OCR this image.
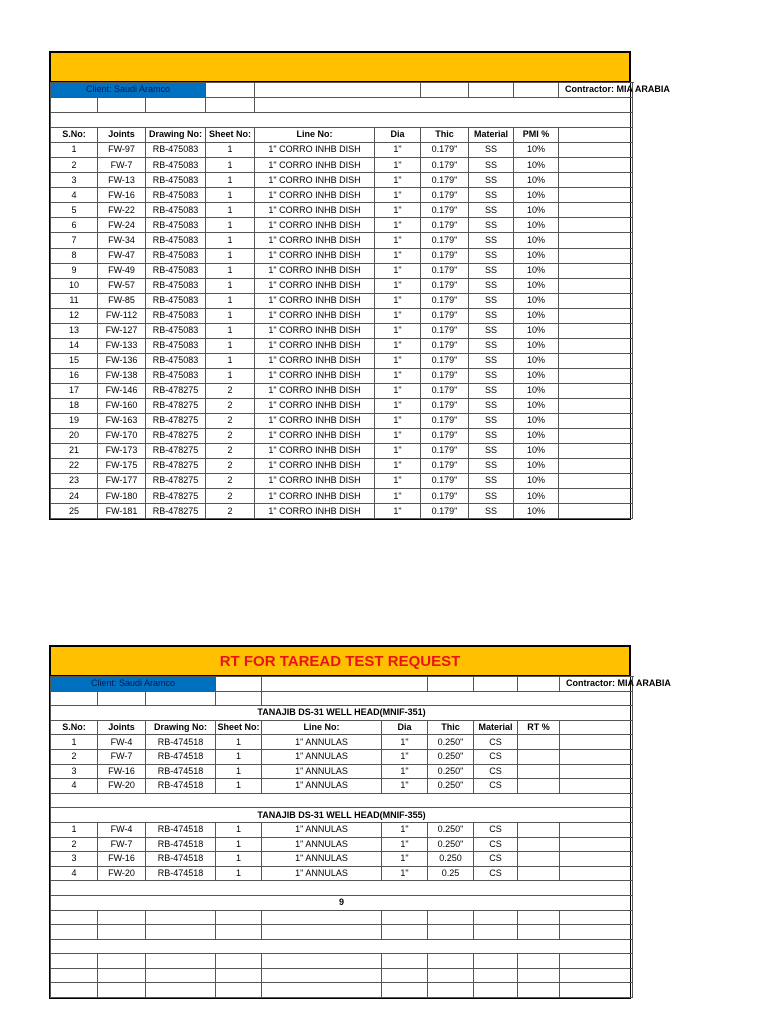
Client: Saudi Aramco									Contractor: MIA ARABIA

S.No:	Joints	Drawing No:	Sheet No:	Line No:	Dia	Thic	Material	PMI %	
1	FW-97	RB-475083	1	1" CORRO INHB DISH	1"	0.179"	SS	10%	
2	FW-7	RB-475083	1	1" CORRO INHB DISH	1"	0.179"	SS	10%	
3	FW-13	RB-475083	1	1" CORRO INHB DISH	1"	0.179"	SS	10%	
4	FW-16	RB-475083	1	1" CORRO INHB DISH	1"	0.179"	SS	10%	
5	FW-22	RB-475083	1	1" CORRO INHB DISH	1"	0.179"	SS	10%	
6	FW-24	RB-475083	1	1" CORRO INHB DISH	1"	0.179"	SS	10%	
7	FW-34	RB-475083	1	1" CORRO INHB DISH	1"	0.179"	SS	10%	
8	FW-47	RB-475083	1	1" CORRO INHB DISH	1"	0.179"	SS	10%	
9	FW-49	RB-475083	1	1" CORRO INHB DISH	1"	0.179"	SS	10%	
10	FW-57	RB-475083	1	1" CORRO INHB DISH	1"	0.179"	SS	10%	
11	FW-85	RB-475083	1	1" CORRO INHB DISH	1"	0.179"	SS	10%	
12	FW-112	RB-475083	1	1" CORRO INHB DISH	1"	0.179"	SS	10%	
13	FW-127	RB-475083	1	1" CORRO INHB DISH	1"	0.179"	SS	10%	
14	FW-133	RB-475083	1	1" CORRO INHB DISH	1"	0.179"	SS	10%	
15	FW-136	RB-475083	1	1" CORRO INHB DISH	1"	0.179"	SS	10%	
16	FW-138	RB-475083	1	1" CORRO INHB DISH	1"	0.179"	SS	10%	
17	FW-146	RB-478275	2	1" CORRO INHB DISH	1"	0.179"	SS	10%	
18	FW-160	RB-478275	2	1" CORRO INHB DISH	1"	0.179"	SS	10%	
19	FW-163	RB-478275	2	1" CORRO INHB DISH	1"	0.179"	SS	10%	
20	FW-170	RB-478275	2	1" CORRO INHB DISH	1"	0.179"	SS	10%	
21	FW-173	RB-478275	2	1" CORRO INHB DISH	1"	0.179"	SS	10%	
22	FW-175	RB-478275	2	1" CORRO INHB DISH	1"	0.179"	SS	10%	
23	FW-177	RB-478275	2	1" CORRO INHB DISH	1"	0.179"	SS	10%	
24	FW-180	RB-478275	2	1" CORRO INHB DISH	1"	0.179"	SS	10%	
25	FW-181	RB-478275	2	1" CORRO INHB DISH	1"	0.179"	SS	10%	
RT FOR TAREAD TEST REQUEST
Client: Saudi Aramco									Contractor: MIA ARABIA

TANAJIB DS-31 WELL HEAD(MNIF-351)									
S.No:	Joints	Drawing No:	Sheet No:	Line No:	Dia	Thic	Material	RT %	
1	FW-4	RB-474518	1	1" ANNULAS	1"	0.250"	CS		
2	FW-7	RB-474518	1	1" ANNULAS	1"	0.250"	CS		
3	FW-16	RB-474518	1	1" ANNULAS	1"	0.250"	CS		
4	FW-20	RB-474518	1	1" ANNULAS	1"	0.250"	CS		

TANAJIB DS-31 WELL HEAD(MNIF-355)									
1	FW-4	RB-474518	1	1" ANNULAS	1"	0.250"	CS		
2	FW-7	RB-474518	1	1" ANNULAS	1"	0.250"	CS		
3	FW-16	RB-474518	1	1" ANNULAS	1"	0.250	CS		
4	FW-20	RB-474518	1	1" ANNULAS	1"	0.25	CS		

9									
